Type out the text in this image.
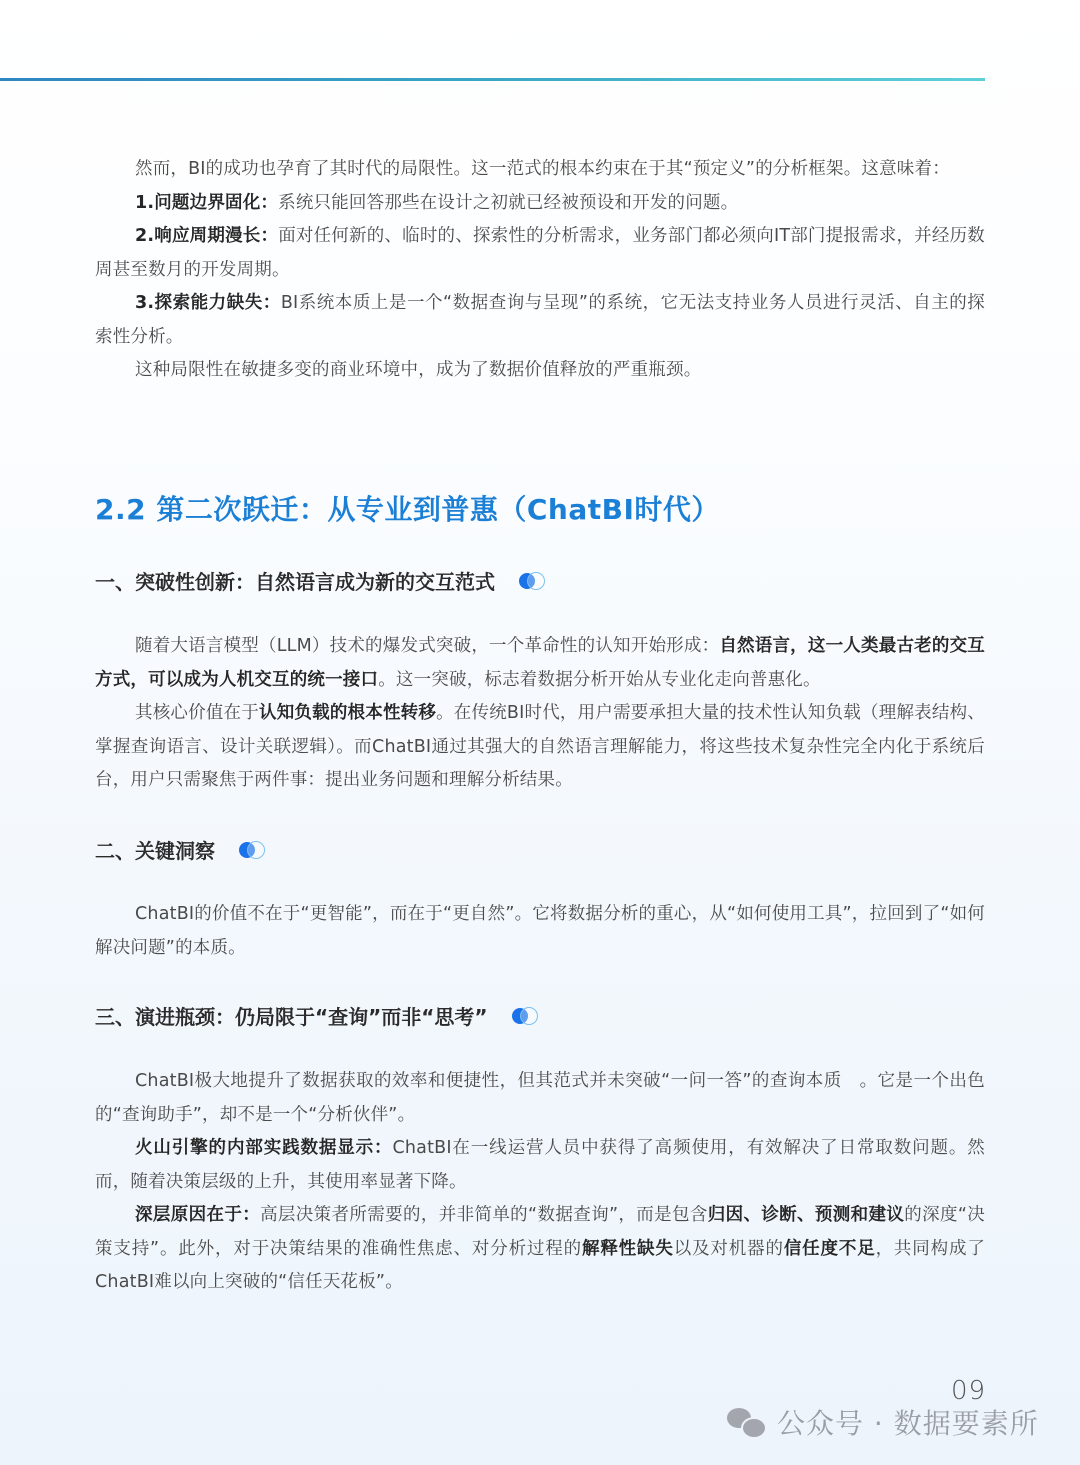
然而，BI的成功也孕育了其时代的局限性。这一范式的根本约束在于其“预定义”的分析框架。这意味着：

1.问题边界固化：系统只能回答那些在设计之初就已经被预设和开发的问题。

2.响应周期漫长：面对任何新的、临时的、探索性的分析需求，业务部门都必须向IT部门提报需求，并经历数周甚至数月的开发周期。

3.探索能力缺失：BI系统本质上是一个“数据查询与呈现”的系统，它无法支持业务人员进行灵活、自主的探索性分析。

这种局限性在敏捷多变的商业环境中，成为了数据价值释放的严重瓶颈。

2.2 第二次跃迁：从专业到普惠（ChatBI时代）
一、突破性创新：自然语言成为新的交互范式

随着大语言模型（LLM）技术的爆发式突破，一个革命性的认知开始形成：自然语言，这一人类最古老的交互方式，可以成为人机交互的统一接口。这一突破，标志着数据分析开始从专业化走向普惠化。

其核心价值在于认知负载的根本性转移。在传统BI时代，用户需要承担大量的技术性认知负载（理解表结构、掌握查询语言、设计关联逻辑）。而ChatBI通过其强大的自然语言理解能力，将这些技术复杂性完全内化于系统后台，用户只需聚焦于两件事：提出业务问题和理解分析结果。

二、关键洞察

ChatBI的价值不在于“更智能”，而在于“更自然”。它将数据分析的重心，从“如何使用工具”，拉回到了“如何解决问题”的本质。

三、演进瓶颈：仍局限于“查询”而非“思考”

ChatBI极大地提升了数据获取的效率和便捷性，但其范式并未突破“一问一答”的查询本质　。它是一个出色的“查询助手”，却不是一个“分析伙伴”。

火山引擎的内部实践数据显示：ChatBI在一线运营人员中获得了高频使用，有效解决了日常取数问题。然而，随着决策层级的上升，其使用率显著下降。

深层原因在于：高层决策者所需要的，并非简单的“数据查询”，而是包含归因、诊断、预测和建议的深度“决策支持”。此外，对于决策结果的准确性焦虑、对分析过程的解释性缺失以及对机器的信任度不足，共同构成了ChatBI难以向上突破的“信任天花板”。

09
公众号 · 数据要素所
